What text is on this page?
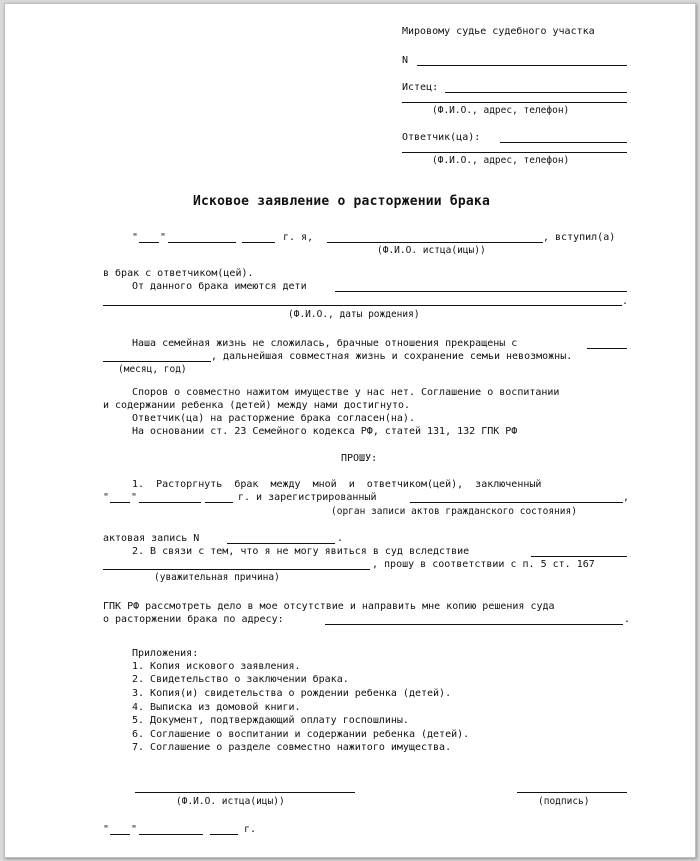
Мировому судье судебного участка
N
Истец:
(Ф.И.О., адрес, телефон)
Ответчик(ца):
(Ф.И.О., адрес, телефон)
Исковое заявление о расторжении брака
" "	г. я,	, вступил(а)
(Ф.И.О. истца(ицы))
в брак с ответчиком(цей).
От данного брака имеются дети
.
(Ф.И.О., даты рождения)
Наша семейная жизнь не сложилась, брачные отношения прекращены с
, дальнейшая совместная жизнь и сохранение семьи невозможны.
(месяц, год)
Споров о совместно нажитом имуществе у нас нет. Соглашение о воспитании
и содержании ребенка (детей) между нами достигнуто.
Ответчик(ца) на расторжение брака согласен(на).
На основании ст. 23 Семейного кодекса РФ, статей 131, 132 ГПК РФ
ПРОШУ:
1.  Расторгнуть  брак  между  мной  и  ответчиком(цей),  заключенный
" "	г. и зарегистрированный	,
(орган записи актов гражданского состояния)
актовая запись N	.
2. В связи с тем, что я не могу явиться в суд вследствие
, прошу в соответствии с п. 5 ст. 167
(уважительная причина)
ГПК РФ рассмотреть дело в мое отсутствие и направить мне копию решения суда
о расторжении брака по адресу:	.
Приложения:
1. Копия искового заявления.
2. Свидетельство о заключении брака.
3. Копия(и) свидетельства о рождении ребенка (детей).
4. Выписка из домовой книги.
5. Документ, подтверждающий оплату госпошлины.
6. Соглашение о воспитании и содержании ребенка (детей).
7. Соглашение о разделе совместно нажитого имущества.
(Ф.И.О. истца(ицы))	(подпись)
" "	г.
